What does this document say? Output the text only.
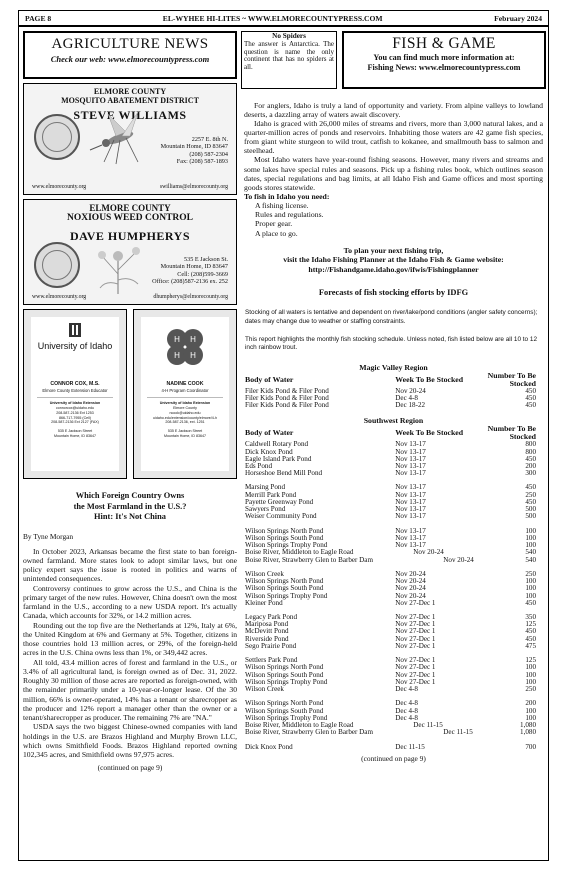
PAGE 8	EL-WYHEE HI-LITES ~ WWW.ELMORECOUNTYPRESS.COM	February 2024
AGRICULTURE NEWS

Check our web: www.elmorecountypress.com

ELMORE COUNTY
MOSQUITO ABATEMENT DISTRICT
STEVE WILLIAMS
2257 E. 8th N.
Mountain Home, ID 83647
(208) 587-2304
Fax: (208) 587-1893
www.elmorecounty.org	swilliams@elmorecounty.org
ELMORE COUNTY
NOXIOUS WEED CONTROL
DAVE HUMPHERYS
535 E Jackson St.
Mountain Home, ID 83647
Cell: (208)599-3669
Office: (208)587-2136 ex. 252
www.elmorecounty.org	dhumpherys@elmorecounty.org
University of Idaho
CONNOR COX, M.S.
Elmore County Extension Educator
University of Idaho Extension
connorcox@uidaho.edu
208-587-2136 Ext 1253
866-717-7955 (Cell)
208-587-2136 Ext 2127 (FAX)
535 E Jackson Street
Mountain Home, ID 83647
H H
H H
NADINE COOK
4-H Program Coordinator
University of Idaho Extension
Elmore County
ncook@uidaho.edu
uidaho.edu/extension/county/elmore/4-h
208-587-2136, ext. 1251
535 E Jackson Street
Mountain Home, ID 83647
Which Foreign Country Owns
the Most Farmland in the U.S.?
Hint: It's Not China
By Tyne Morgan

In October 2023, Arkansas became the first state to ban foreign-owned farmland. More states look to adopt similar laws, but one policy expert says the issue is rooted in politics and warns of unintended consequences.

Controversy continues to grow across the U.S., and China is the primary target of the new rules. However, China doesn't own the most farmland in the U.S., according to a new USDA report. It's actually Canada, which accounts for 32%, or 14.2 million acres.

Rounding out the top five are the Netherlands at 12%, Italy at 6%, the United Kingdom at 6% and Germany at 5%. Together, citizens in those countries hold 13 million acres, or 29%, of the foreign-held acres in the U.S. China owns less than 1%, or 349,442 acres.

All told, 43.4 million acres of forest and farmland in the U.S., or 3.4% of all agricultural land, is foreign owned as of Dec. 31, 2022. Roughly 30 million of those acres are reported as foreign-owned, with the remainder primarily under a 10-year-or-longer lease. Of the 30 million, 66% is owner-operated, 14% has a tenant or sharecropper as the producer and 12% report a manager other than the owner or a tenant/sharecropper as producer. The remaining 7% are "NA."

USDA says the two biggest Chinese-owned companies with land holdings in the U.S. are Brazos Highland and Murphy Brown LLC, which owns Smithfield Foods. Brazos Highland reported owning 102,345 acres, and Smithfield owns 97,975 acres.

(continued on page 9)
No Spiders
The answer is Antarctica. The question is name the only continent that has no spiders at all.
FISH & GAME

You can find much more information at:

Fishing News: www.elmorecountypress.com

For anglers, Idaho is truly a land of opportunity and variety. From alpine valleys to lowland deserts, a dazzling array of waters await discovery.

Idaho is graced with 26,000 miles of streams and rivers, more than 3,000 natural lakes, and a quarter-million acres of ponds and reservoirs. Inhabiting those waters are 42 game fish species, from giant white sturgeon to wild trout, catfish to kokanee, and smallmouth bass to salmon and steelhead.

Most Idaho waters have year-round fishing seasons. However, many rivers and streams and some lakes have special rules and seasons. Pick up a fishing rules book, which outlines season dates, special regulations and bag limits, at all Idaho Fish and Game offices and most sporting goods stores statewide.

To fish in Idaho you need:

A fishing license.
Rules and regulations.
Proper gear.
A place to go.
To plan your next fishing trip,
visit the Idaho Fishing Planner at the Idaho Fish & Game website:
http://Fishandgame.idaho.gov/ifwis/Fishingplanner
Forecasts of fish stocking efforts by IDFG

Stocking of all waters is tentative and dependent on river/lake/pond conditions (angler safety concerns); dates may change due to weather or staffing constraints.

This report highlights the monthly fish stocking schedule. Unless noted, fish listed below are all 10 to 12 inch rainbow trout.

Magic Valley Region
Body of Water	Week To Be Stocked	Number To Be Stocked
Filer Kids Pond & Filer Pond	Nov 20-24	450
Filer Kids Pond & Filer Pond	Dec 4-8	450
Filer Kids Pond & Filer Pond	Dec 18-22	450
Southwest Region
Body of Water	Week To Be Stocked	Number To Be Stocked
Caldwell Rotary Pond	Nov 13-17	800
Dick Knox Pond	Nov 13-17	800
Eagle Island Park Pond	Nov 13-17	450
Eds Pond	Nov 13-17	200
Horseshoe Bend Mill Pond	Nov 13-17	300

Marsing Pond	Nov 13-17	450
Merrill Park Pond	Nov 13-17	250
Payette Greenway Pond	Nov 13-17	450
Sawyers Pond	Nov 13-17	500
Weiser Community Pond	Nov 13-17	500

Wilson Springs North Pond	Nov 13-17	100
Wilson Springs South Pond	Nov 13-17	100
Wilson Springs Trophy Pond	Nov 13-17	100
Boise River, Middleton to Eagle Road	Nov 20-24	540
Boise River, Strawberry Glen to Barber Dam	Nov 20-24	540

Wilson Creek	Nov 20-24	250
Wilson Springs North Pond	Nov 20-24	100
Wilson Springs South Pond	Nov 20-24	100
Wilson Springs Trophy Pond	Nov 20-24	100
Kleiner Pond	Nov 27-Dec 1	450

Legacy Park Pond	Nov 27-Dec 1	350
Mariposa Pond	Nov 27-Dec 1	125
McDevitt Pond	Nov 27-Dec 1	450
Riverside Pond	Nov 27-Dec 1	450
Sego Prairie Pond	Nov 27-Dec 1	475

Settlers Park Pond	Nov 27-Dec 1	125
Wilson Springs North Pond	Nov 27-Dec 1	100
Wilson Springs South Pond	Nov 27-Dec 1	100
Wilson Springs Trophy Pond	Nov 27-Dec 1	100
Wilson Creek	Dec 4-8	250

Wilson Springs North Pond	Dec 4-8	200
Wilson Springs South Pond	Dec 4-8	100
Wilson Springs Trophy Pond	Dec 4-8	100
Boise River, Middleton to Eagle Road	Dec 11-15	1,080
Boise River, Strawberry Glen to Barber Dam	Dec 11-15	1,080

Dick Knox Pond	Dec 11-15	700
(continued on page 9)
